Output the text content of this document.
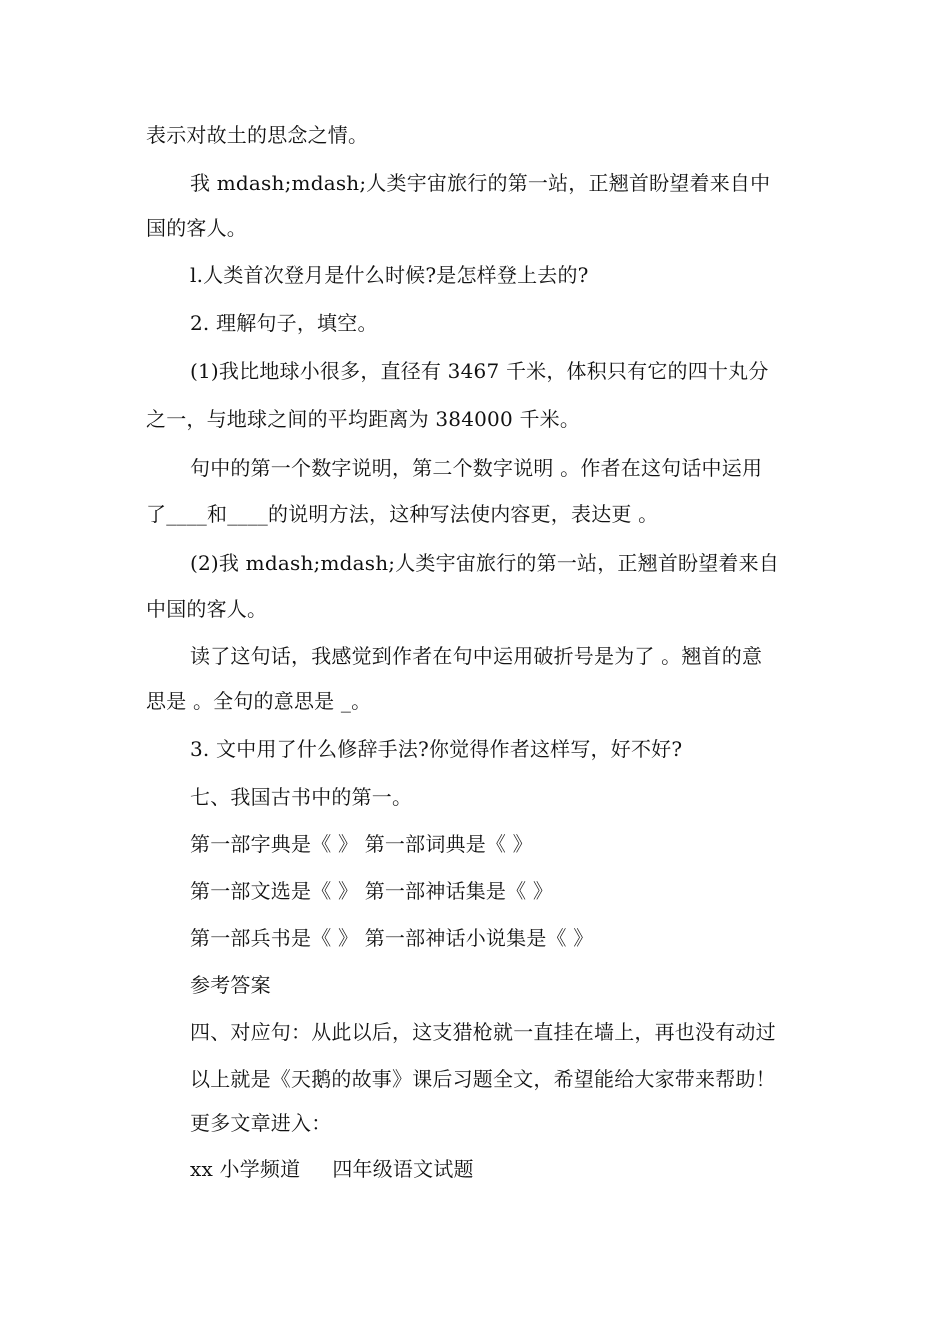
表示对故土的思念之情。
我 mdash;mdash;人类宇宙旅行的第一站，正翘首盼望着来自中
国的客人。
l.人类首次登月是什么时候?是怎样登上去的?
2. 理解句子，填空。
(1)我比地球小很多，直径有 3467 千米，体积只有它的四十丸分
之一，与地球之间的平均距离为 384000 千米。
句中的第一个数字说明，第二个数字说明 。作者在这句话中运用
了____和____的说明方法，这种写法使内容更，表达更 。
(2)我 mdash;mdash;人类宇宙旅行的第一站，正翘首盼望着来自
中国的客人。
读了这句话，我感觉到作者在句中运用破折号是为了 。翘首的意
思是 。全句的意思是 _。
3. 文中用了什么修辞手法?你觉得作者这样写，好不好?
七、我国古书中的第一。
第一部字典是《 》 第一部词典是《 》
第一部文选是《 》 第一部神话集是《 》
第一部兵书是《 》 第一部神话小说集是《 》
参考答案
四、对应句：从此以后，这支猎枪就一直挂在墙上，再也没有动过
以上就是《天鹅的故事》课后习题全文，希望能给大家带来帮助！
更多文章进入：
xx 小学频道 四年级语文试题
